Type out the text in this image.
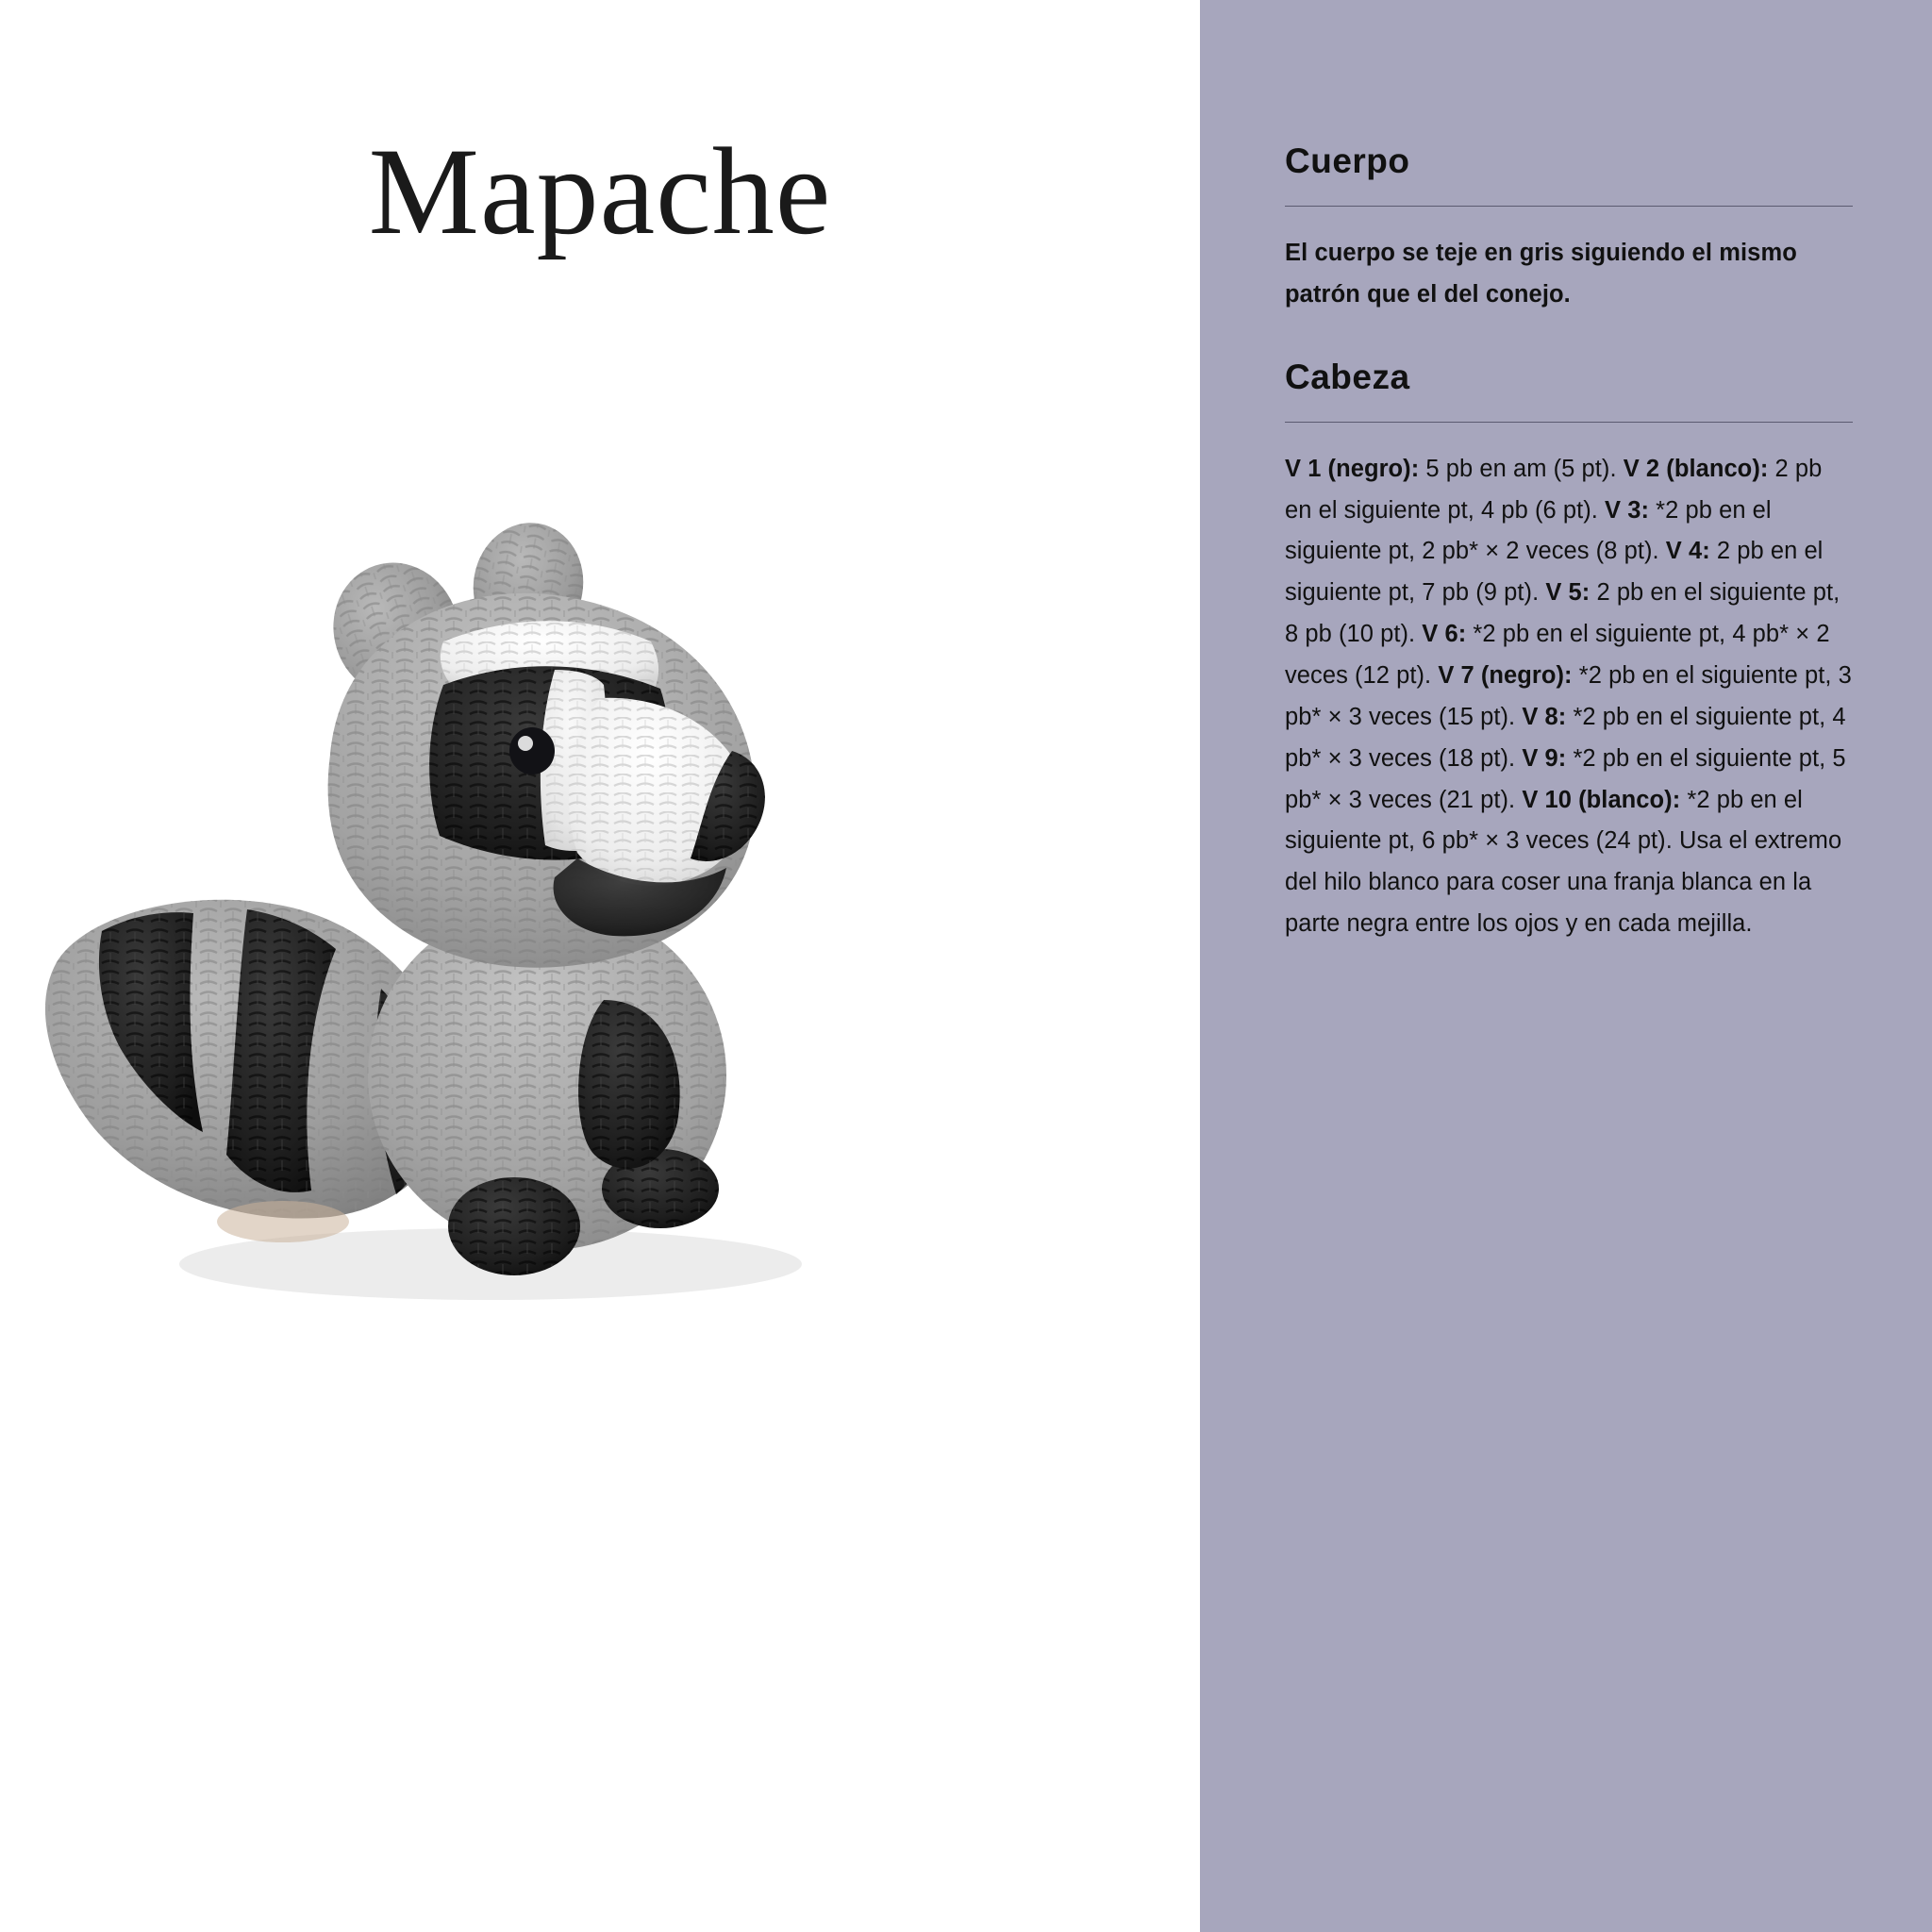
Mapache	Cuerpo

El cuerpo se teje en gris siguiendo el mismo patrón que el del conejo.

Cabeza
V 1 (negro): 5 pb en am (5 pt). V 2 (blanco): 2 pb en el siguiente pt, 4 pb (6 pt). V 3: *2 pb en el siguiente pt, 2 pb* × 2 veces (8 pt). V 4: 2 pb en el siguiente pt, 7 pb (9 pt). V 5: 2 pb en el siguiente pt, 8 pb (10 pt). V 6: *2 pb en el siguiente pt, 4 pb* × 2 veces (12 pt). V 7 (negro): *2 pb en el siguiente pt, 3 pb* × 3 veces (15 pt). V 8: *2 pb en el siguiente pt, 4 pb* × 3 veces (18 pt). V 9: *2 pb en el siguiente pt, 5 pb* × 3 veces (21 pt). V 10 (blanco): *2 pb en el siguiente pt, 6 pb* × 3 veces (24 pt). Usa el extremo del hilo blanco para coser una franja blanca en la parte negra entre los ojos y en cada mejilla.
